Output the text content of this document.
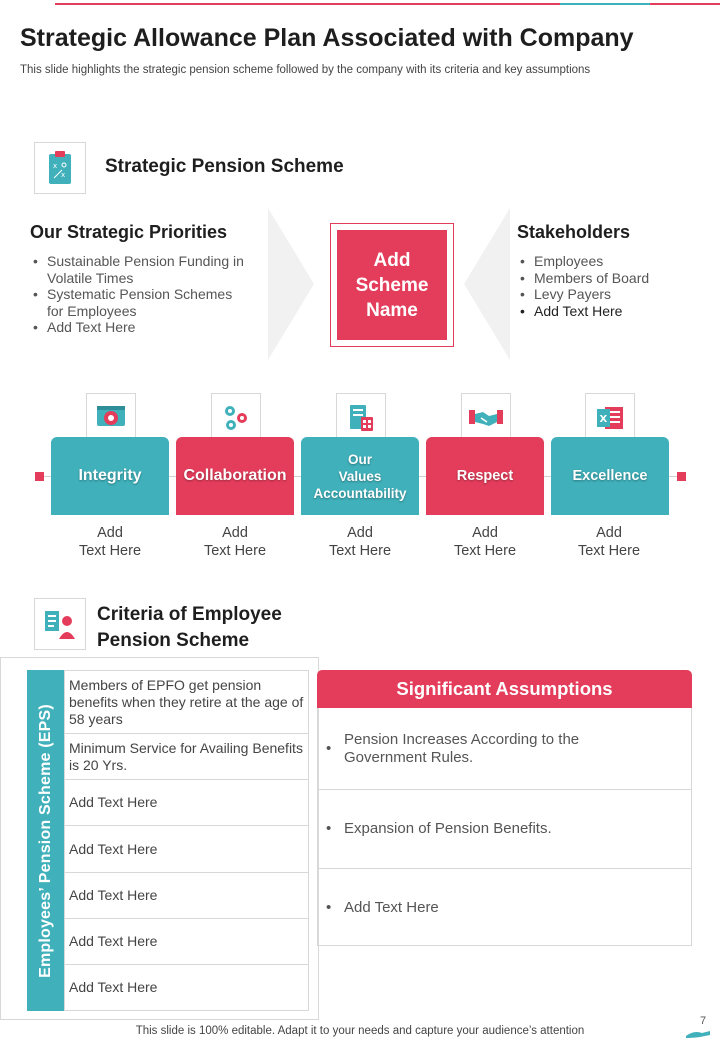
Strategic Allowance Plan Associated with Company
This slide highlights the strategic pension scheme followed by the company with its criteria and key assumptions
x
x Strategic Pension Scheme
Our Strategic Priorities
• Sustainable Pension Funding in Volatile Times
• Systematic Pension Schemes for Employees
• Add Text Here
Add
Scheme
Name
Stakeholders
• Employees
• Members of Board
• Levy Payers
• Add Text Here
X
Integrity	Collaboration
Our
Values
Accountability
Respect	Excellence
Add
Text Here
Add
Text Here
Add
Text Here
Add
Text Here
Add
Text Here
Criteria of Employee
Pension Scheme
Employees’ Pension Scheme (EPS)
Members of EPFO get pension benefits when they retire at the age of 58 years
Minimum Service for Availing Benefits is 20 Yrs.
Add Text Here
Add Text Here
Add Text Here
Add Text Here
Add Text Here
Significant Assumptions
•
Pension Increases According to the Government Rules.
• Expansion of Pension Benefits.
• Add Text Here
This slide is 100% editable. Adapt it to your needs and capture your audience’s attention
7
